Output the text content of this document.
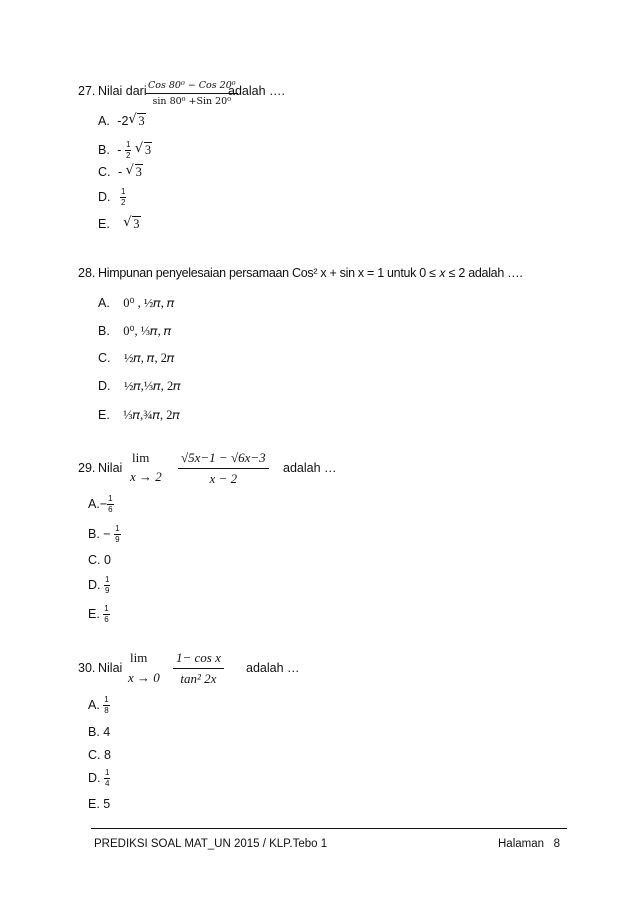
27. Nilai dari Cos 80⁰ − Cos 20⁰
sin 80⁰ +Sin 20⁰
adalah ….
A. -2 √ 3
B. - $\frac{1}{2}$
√ 3
C. - √ 3
D. $\frac{1}{2}$
E. √ 3
28. Himpunan penyelesaian persamaan Cos² x + sin x = 1 untuk 0 ≤ 𝑥 ≤ 2 adalah ….
A. 0⁰ , ½𝜋, 𝜋
B. 0⁰, ⅓𝜋, 𝜋
C. ½𝜋, 𝜋, 2𝜋
D. ½𝜋,⅓𝜋, 2𝜋
E. ⅓𝜋,¾𝜋, 2𝜋
29. Nilai
lim
$x \to 2 \frac{√5x-1 - √6x-3}{x - 2}$ adalah …
$A.- \frac{1}{6}$
B. − $\frac{1}{9}$
C. 0
D. $\frac{1}{9}$
E. $\frac{1}{6}$
30. Nilai
lim
$x \to 0 \frac{\text{1− cos x}}{\text{tan² 2x}}$ adalah …
A. $\frac{1}{8}$
B. 4
C. 8
D. $\frac{1}{4}$
E. 5
PREDIKSI SOAL MAT_UN 2015 / KLP.Tebo 1	Halaman   8
